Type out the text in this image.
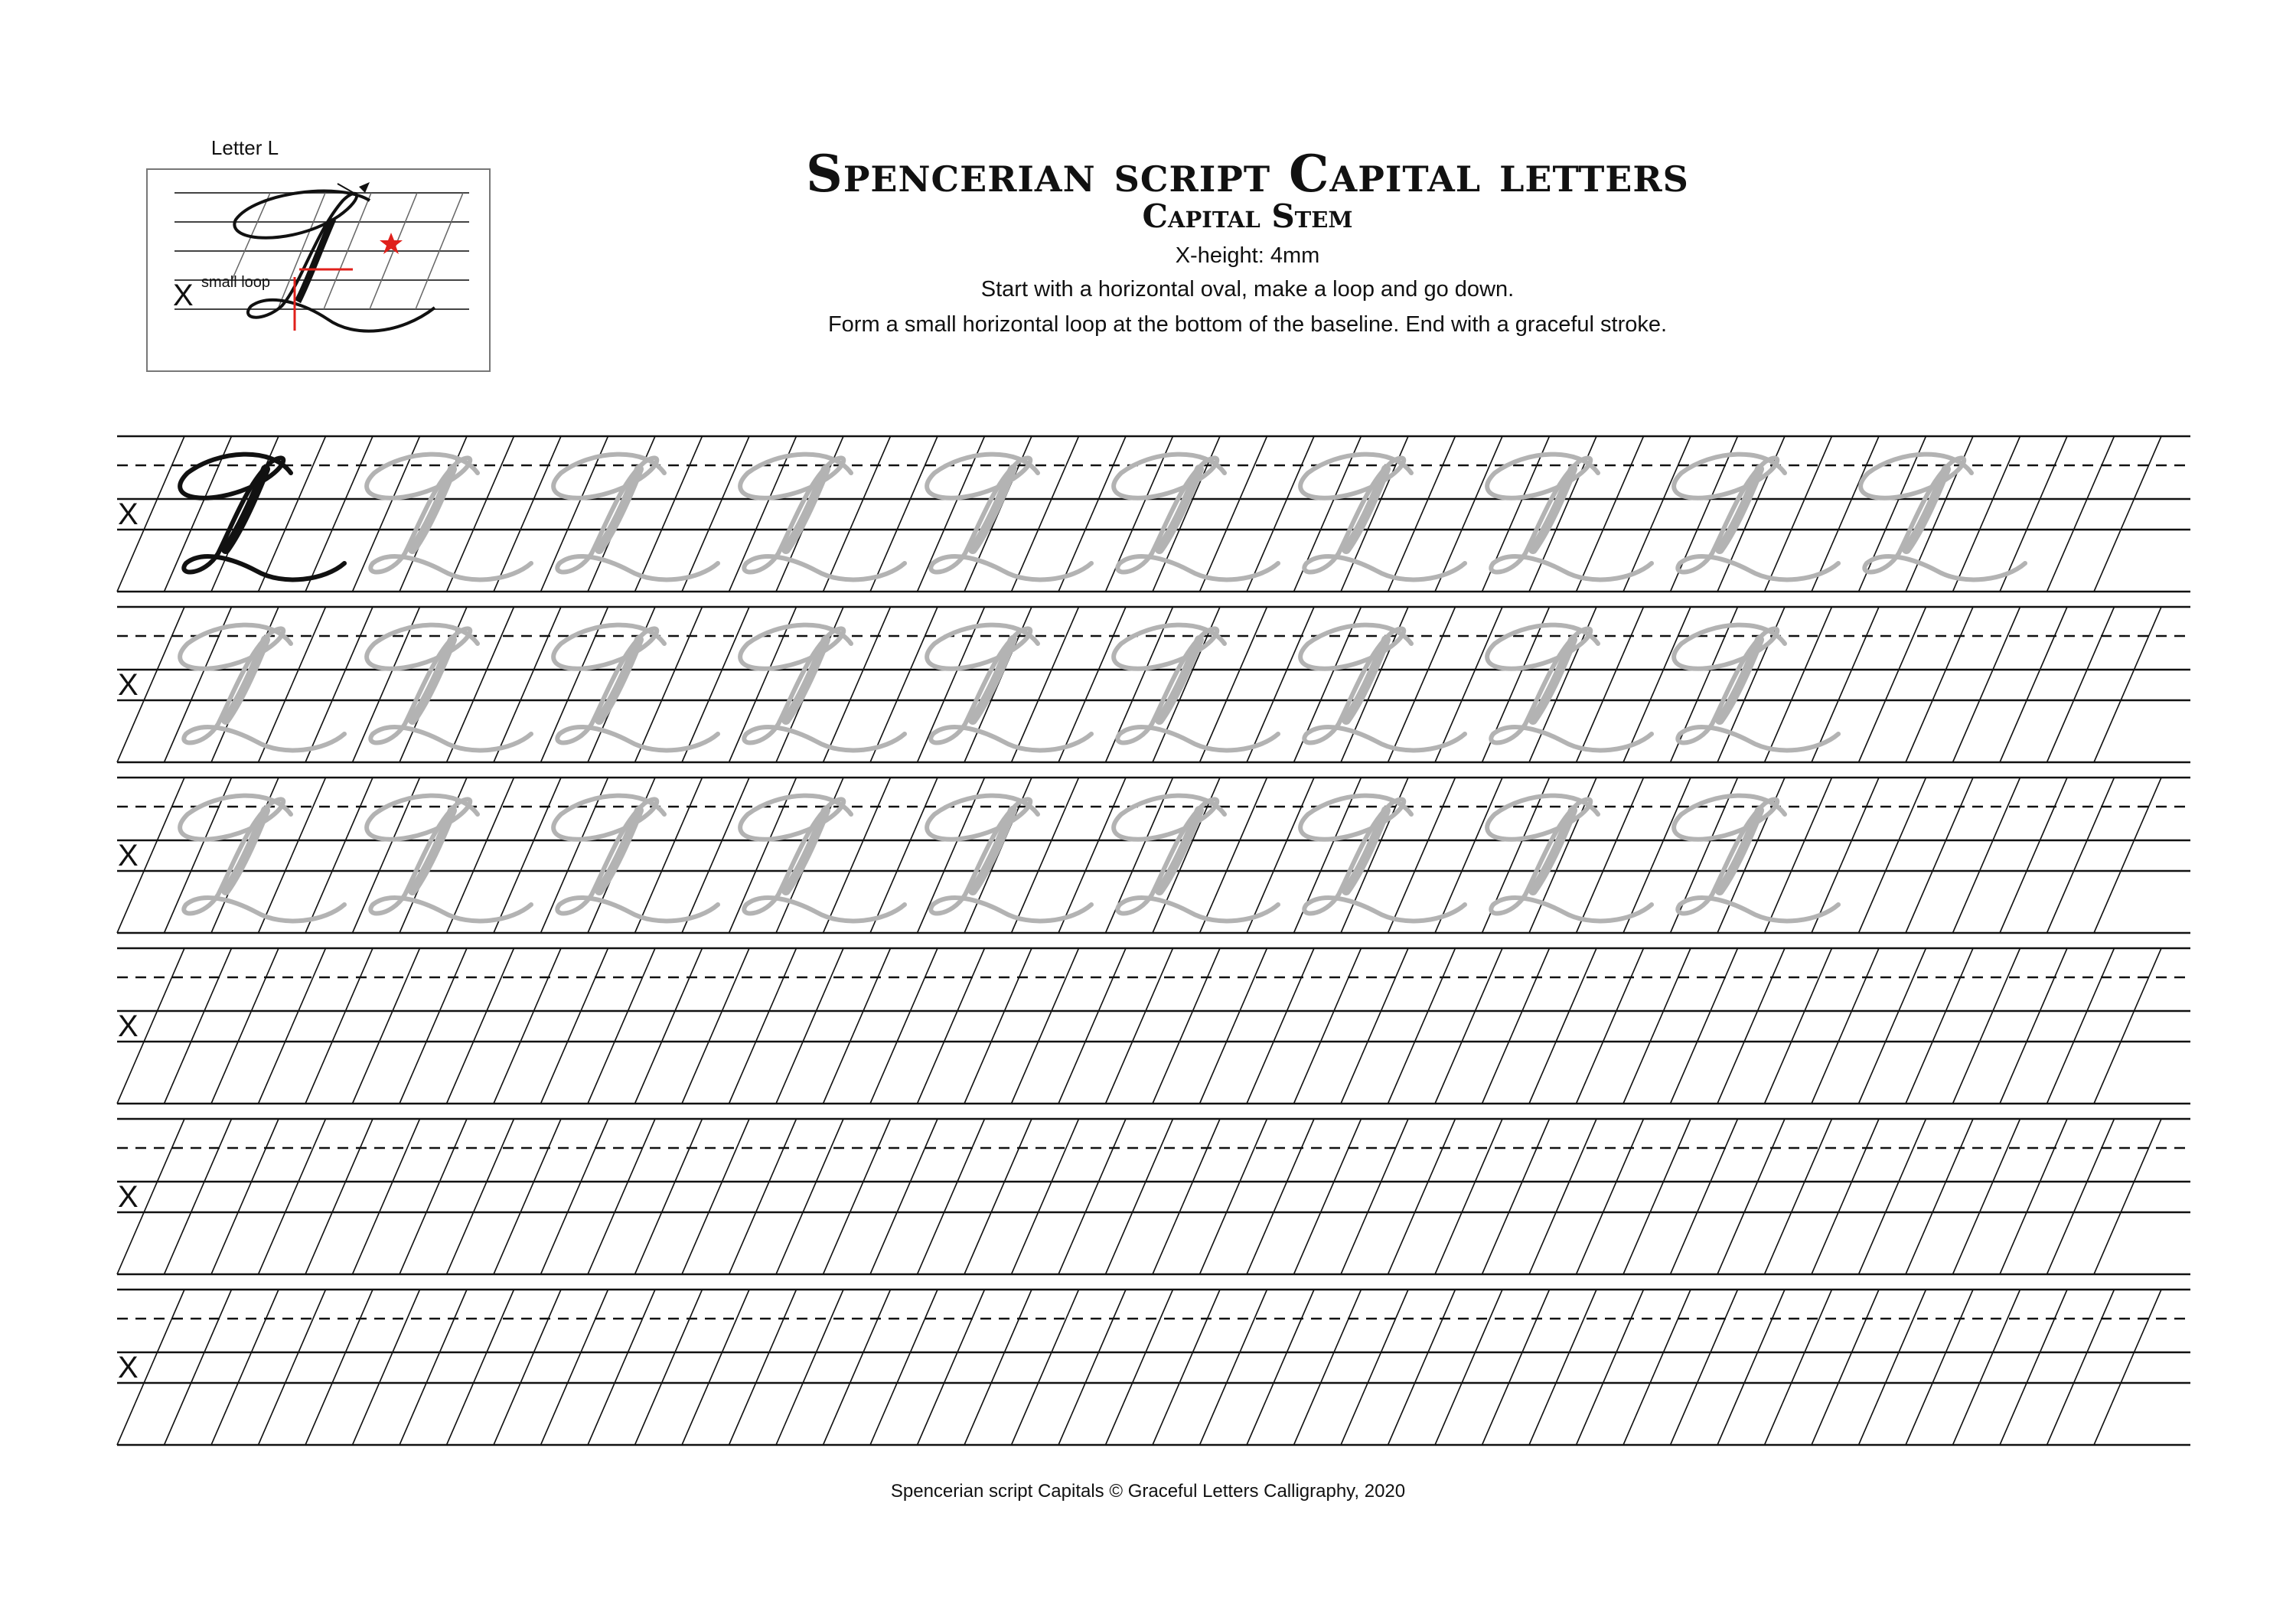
Letter L
X small loop
Spencerian script Capital letters
Capital Stem
X-height: 4mm
Start with a horizontal oval, make a loop and go down.
Form a small horizontal loop at the bottom of the baseline. End with a graceful stroke.
X
X
X
X
X
X
Spencerian script Capitals © Graceful Letters Calligraphy, 2020
